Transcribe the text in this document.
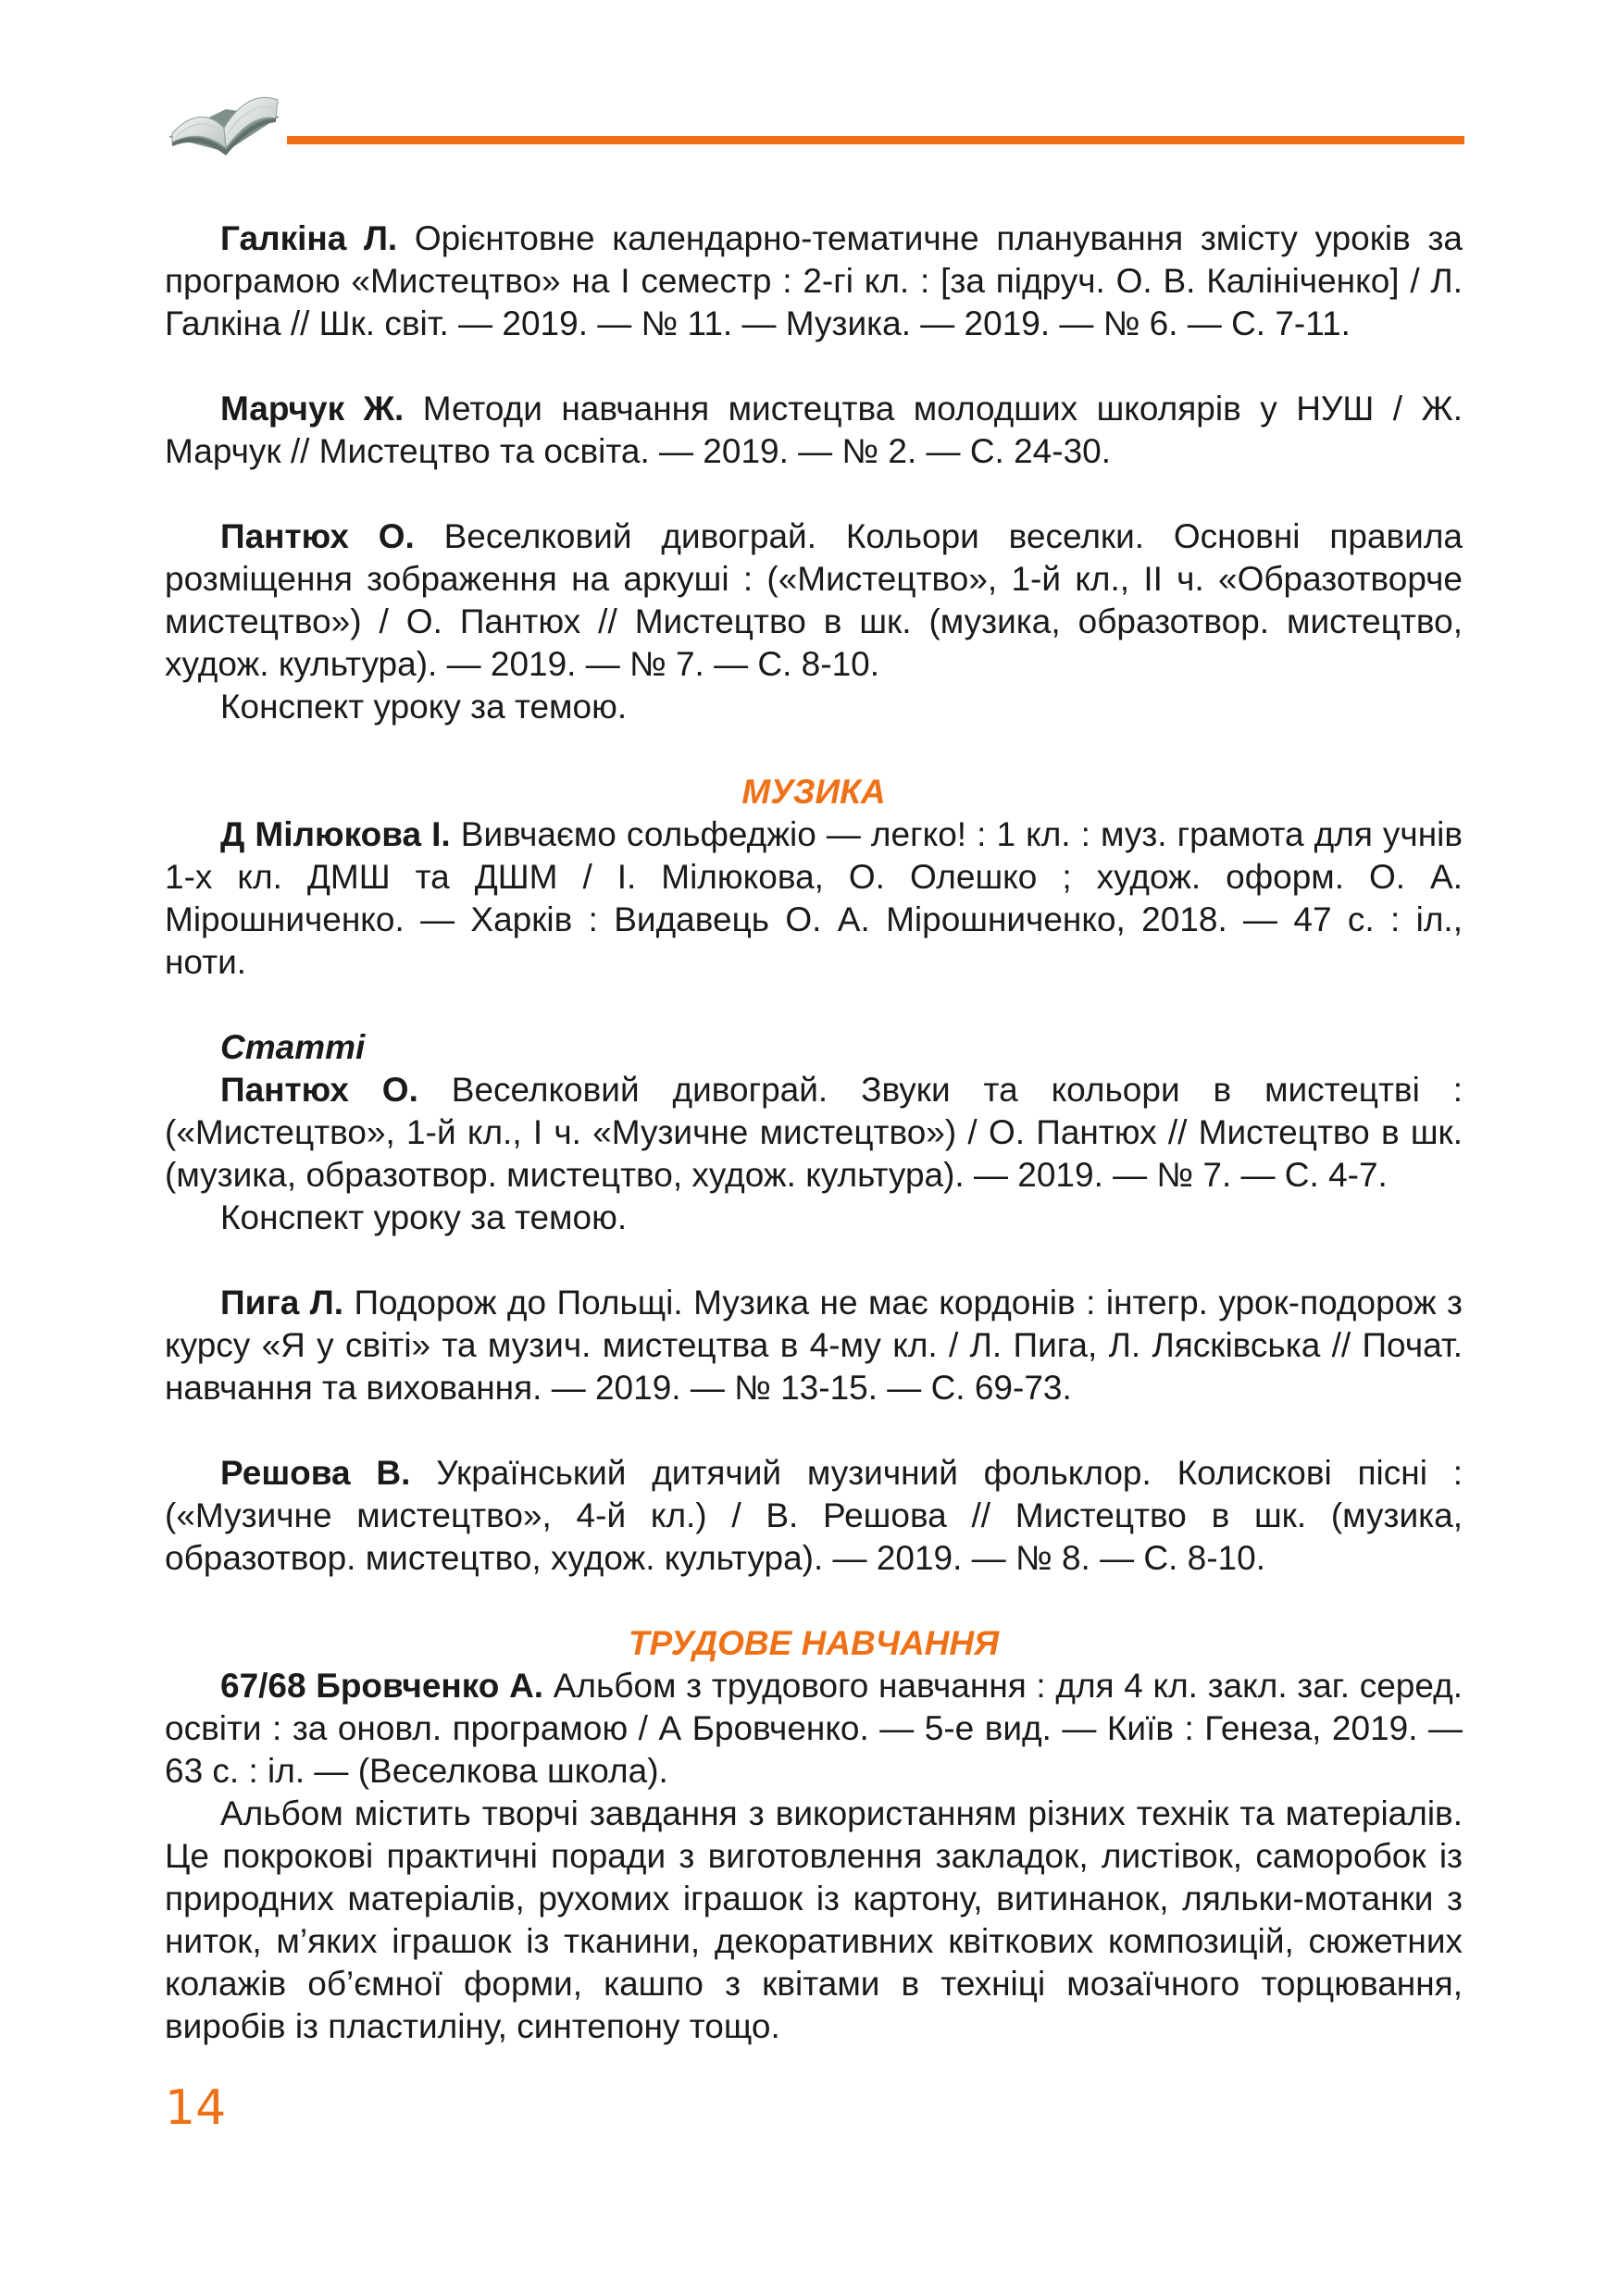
Галкіна Л. Орієнтовне календарно-тематичне планування змісту уроків за програмою «Мистецтво» на І семестр : 2-гі кл. : [за підруч. О. В. Калініченко] / Л. Галкіна // Шк. світ. — 2019. — № 11. — Музика. — 2019. — № 6. — С. 7-11.

Марчук Ж. Методи навчання мистецтва молодших школярів у НУШ / Ж. Марчук // Мистецтво та освіта. — 2019. — № 2. — С. 24-30.

Пантюх О. Веселковий дивограй. Кольори веселки. Основні правила розміщення зображення на аркуші : («Мистецтво», 1-й кл., ІІ ч. «Образотворче мистецтво») / О. Пантюх // Мистецтво в шк. (музика, образотвор. мистецтво, худож. культура). — 2019. — № 7. — С. 8-10.

Конспект уроку за темою.

МУЗИКА

Д Мілюкова І. Вивчаємо сольфеджіо — легко! : 1 кл. : муз. грамота для учнів 1-х кл. ДМШ та ДШМ / І. Мілюкова, О. Олешко ; худож. оформ. О. А. Мірошниченко. — Харків : Видавець О. А. Мірошниченко, 2018. — 47 с. : іл., ноти.

Статті

Пантюх О. Веселковий дивограй. Звуки та кольори в мистецтві : («Мистецтво», 1-й кл., І ч. «Музичне мистецтво») / О. Пантюх // Мистецтво в шк. (музика, образотвор. мистецтво, худож. культура). — 2019. — № 7. — С. 4-7.

Конспект уроку за темою.

Пига Л. Подорож до Польщі. Музика не має кордонів : інтегр. урок-подорож з курсу «Я у світі» та музич. мистецтва в 4-му кл. / Л. Пига, Л. Лясківська // Почат. навчання та виховання. — 2019. — № 13-15. — С. 69-73.

Решова В. Український дитячий музичний фольклор. Колискові пісні : («Музичне мистецтво», 4-й кл.) / В. Решова // Мистецтво в шк. (музика, образотвор. мистецтво, худож. культура). — 2019. — № 8. — С. 8-10.

ТРУДОВЕ НАВЧАННЯ

67/68 Бровченко А. Альбом з трудового навчання : для 4 кл. закл. заг. серед. освіти : за оновл. програмою / А Бровченко. — 5-е вид. — Київ : Генеза, 2019. — 63 с. : іл. — (Веселкова школа).

Альбом містить творчі завдання з використанням різних технік та матеріалів. Це покрокові практичні поради з виготовлення закладок, листівок, саморобок із природних матеріалів, рухомих іграшок із картону, витинанок, ляльки-мотанки з ниток, м’яких іграшок із тканини, декоративних квіткових композицій, сюжетних колажів об’ємної форми, кашпо з квітами в техніці мозаїчного торцювання, виробів із пластиліну, синтепону тощо.

14
